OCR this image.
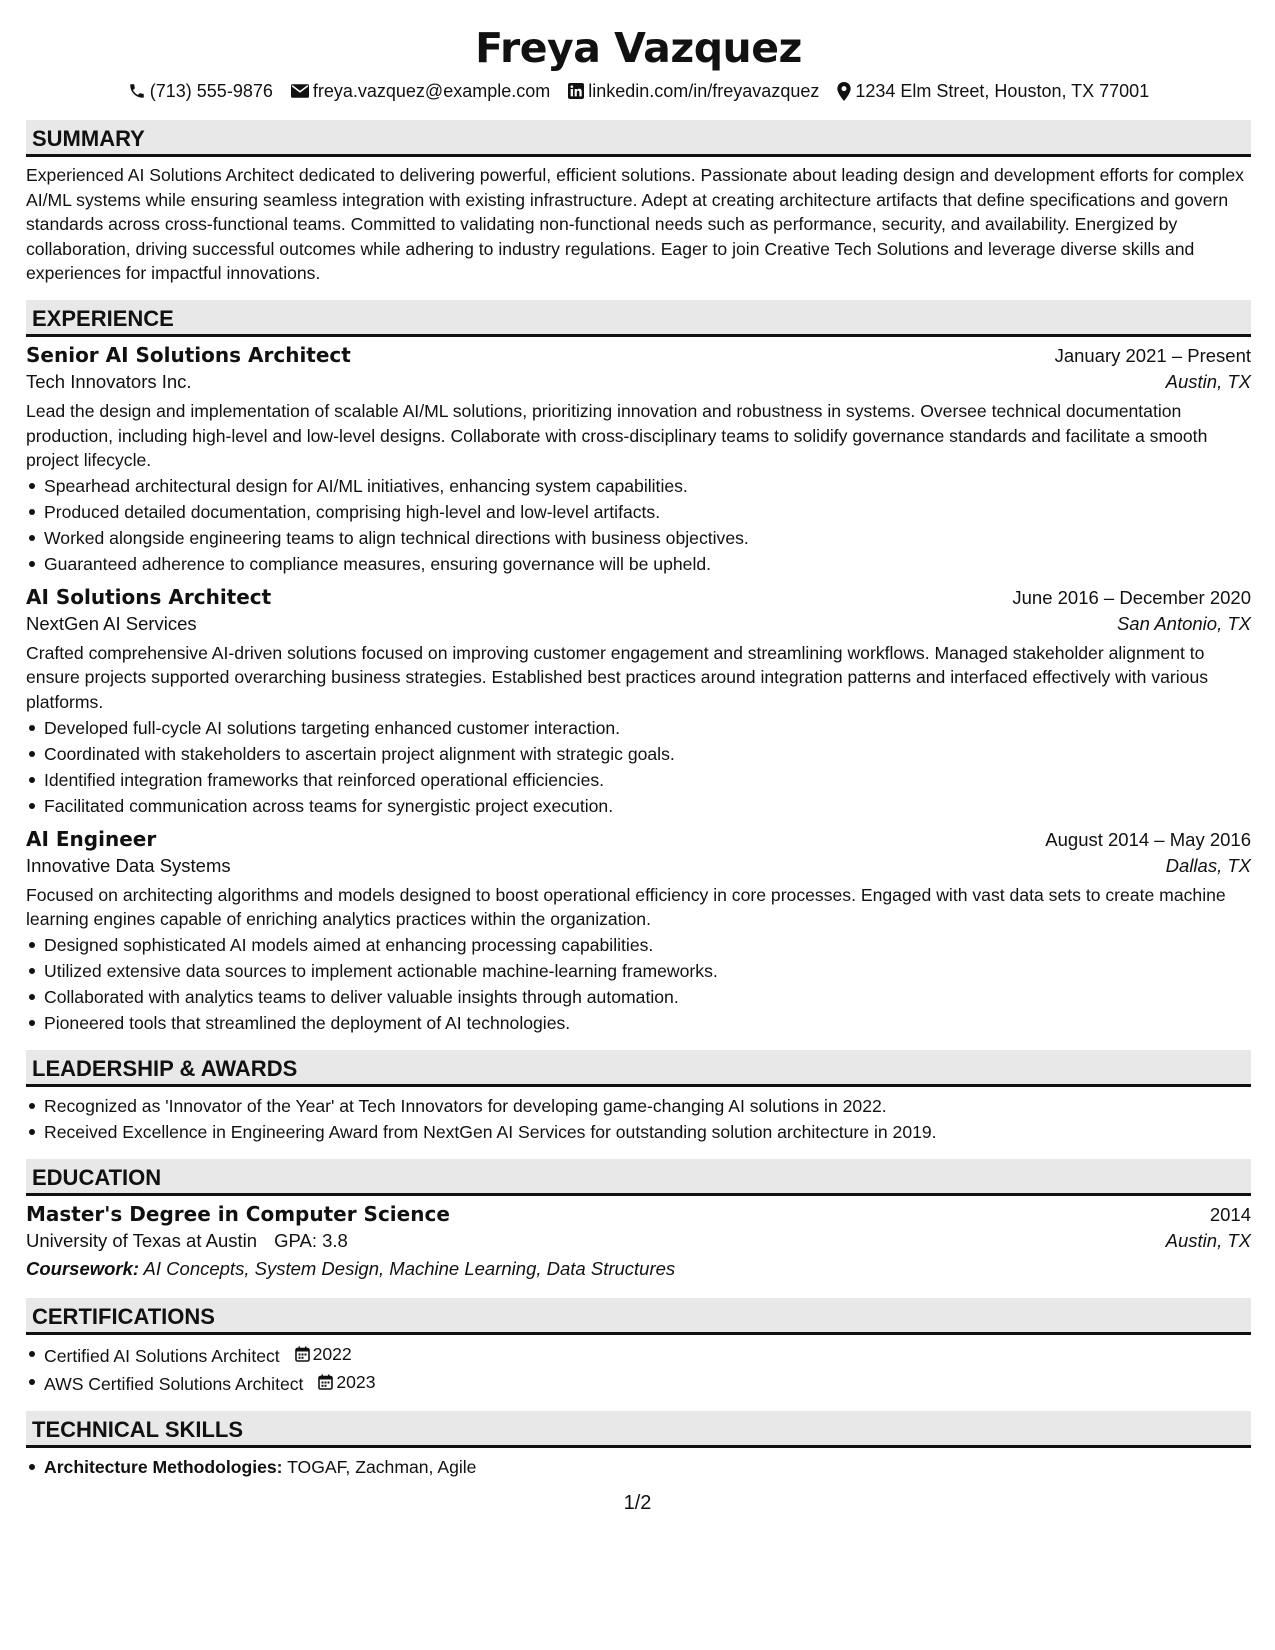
Freya Vazquez
(713) 555-9876 freya.vazquez@example.com linkedin.com/in/freyavazquez 1234 Elm Street, Houston, TX 77001
SUMMARY

Experienced AI Solutions Architect dedicated to delivering powerful, efficient solutions. Passionate about leading design and development efforts for complex AI/ML systems while ensuring seamless integration with existing infrastructure. Adept at creating architecture artifacts that define specifications and govern standards across cross-functional teams. Committed to validating non-functional needs such as performance, security, and availability. Energized by collaboration, driving successful outcomes while adhering to industry regulations. Eager to join Creative Tech Solutions and leverage diverse skills and experiences for impactful innovations.

EXPERIENCE
Senior AI Solutions Architect	January 2021 – Present
Tech Innovators Inc.	Austin, TX

Lead the design and implementation of scalable AI/ML solutions, prioritizing innovation and robustness in systems. Oversee technical documentation production, including high-level and low-level designs. Collaborate with cross-disciplinary teams to solidify governance standards and facilitate a smooth project lifecycle.

Spearhead architectural design for AI/ML initiatives, enhancing system capabilities.
Produced detailed documentation, comprising high-level and low-level artifacts.
Worked alongside engineering teams to align technical directions with business objectives.
Guaranteed adherence to compliance measures, ensuring governance will be upheld.
AI Solutions Architect	June 2016 – December 2020
NextGen AI Services	San Antonio, TX

Crafted comprehensive AI-driven solutions focused on improving customer engagement and streamlining workflows. Managed stakeholder alignment to ensure projects supported overarching business strategies. Established best practices around integration patterns and interfaced effectively with various platforms.

Developed full-cycle AI solutions targeting enhanced customer interaction.
Coordinated with stakeholders to ascertain project alignment with strategic goals.
Identified integration frameworks that reinforced operational efficiencies.
Facilitated communication across teams for synergistic project execution.
AI Engineer	August 2014 – May 2016
Innovative Data Systems	Dallas, TX

Focused on architecting algorithms and models designed to boost operational efficiency in core processes. Engaged with vast data sets to create machine learning engines capable of enriching analytics practices within the organization.

Designed sophisticated AI models aimed at enhancing processing capabilities.
Utilized extensive data sources to implement actionable machine-learning frameworks.
Collaborated with analytics teams to deliver valuable insights through automation.
Pioneered tools that streamlined the deployment of AI technologies.
LEADERSHIP & AWARDS
Recognized as 'Innovator of the Year' at Tech Innovators for developing game-changing AI solutions in 2022.
Received Excellence in Engineering Award from NextGen AI Services for outstanding solution architecture in 2019.
EDUCATION
Master's Degree in Computer Science	2014
University of Texas at Austin GPA: 3.8	Austin, TX
Coursework: AI Concepts, System Design, Machine Learning, Data Structures
CERTIFICATIONS
Certified AI Solutions Architect 2022
AWS Certified Solutions Architect 2023
TECHNICAL SKILLS
Architecture Methodologies: TOGAF, Zachman, Agile
1/2
